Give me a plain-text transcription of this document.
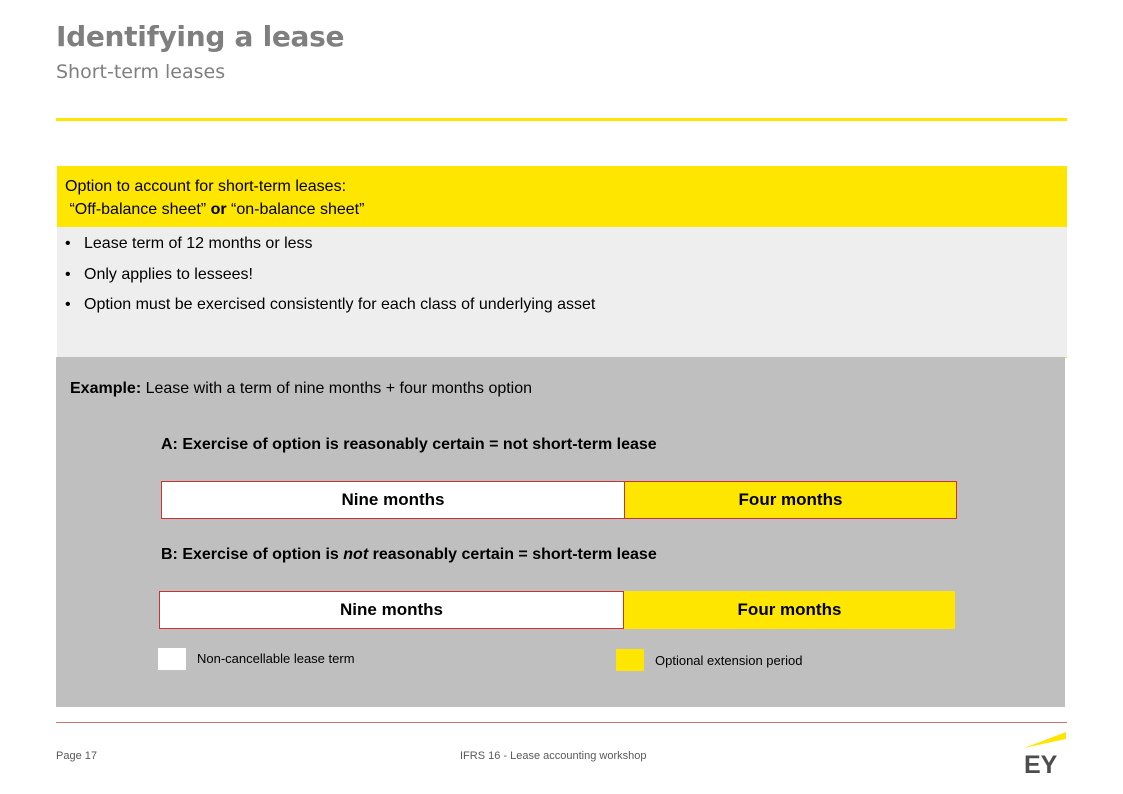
Identifying a lease
Short-term leases
Option to account for short-term leases:
“Off-balance sheet” or “on-balance sheet”
• Lease term of 12 months or less
• Only applies to lessees!
• Option must be exercised consistently for each class of underlying asset
Example: Lease with a term of nine months + four months option
A: Exercise of option is reasonably certain = not short-term lease
Nine months	Four months
B: Exercise of option is not reasonably certain = short-term lease
Nine months	Four months
Non-cancellable lease term	Optional extension period
Page 17	IFRS 16 - Lease accounting workshop	EY
